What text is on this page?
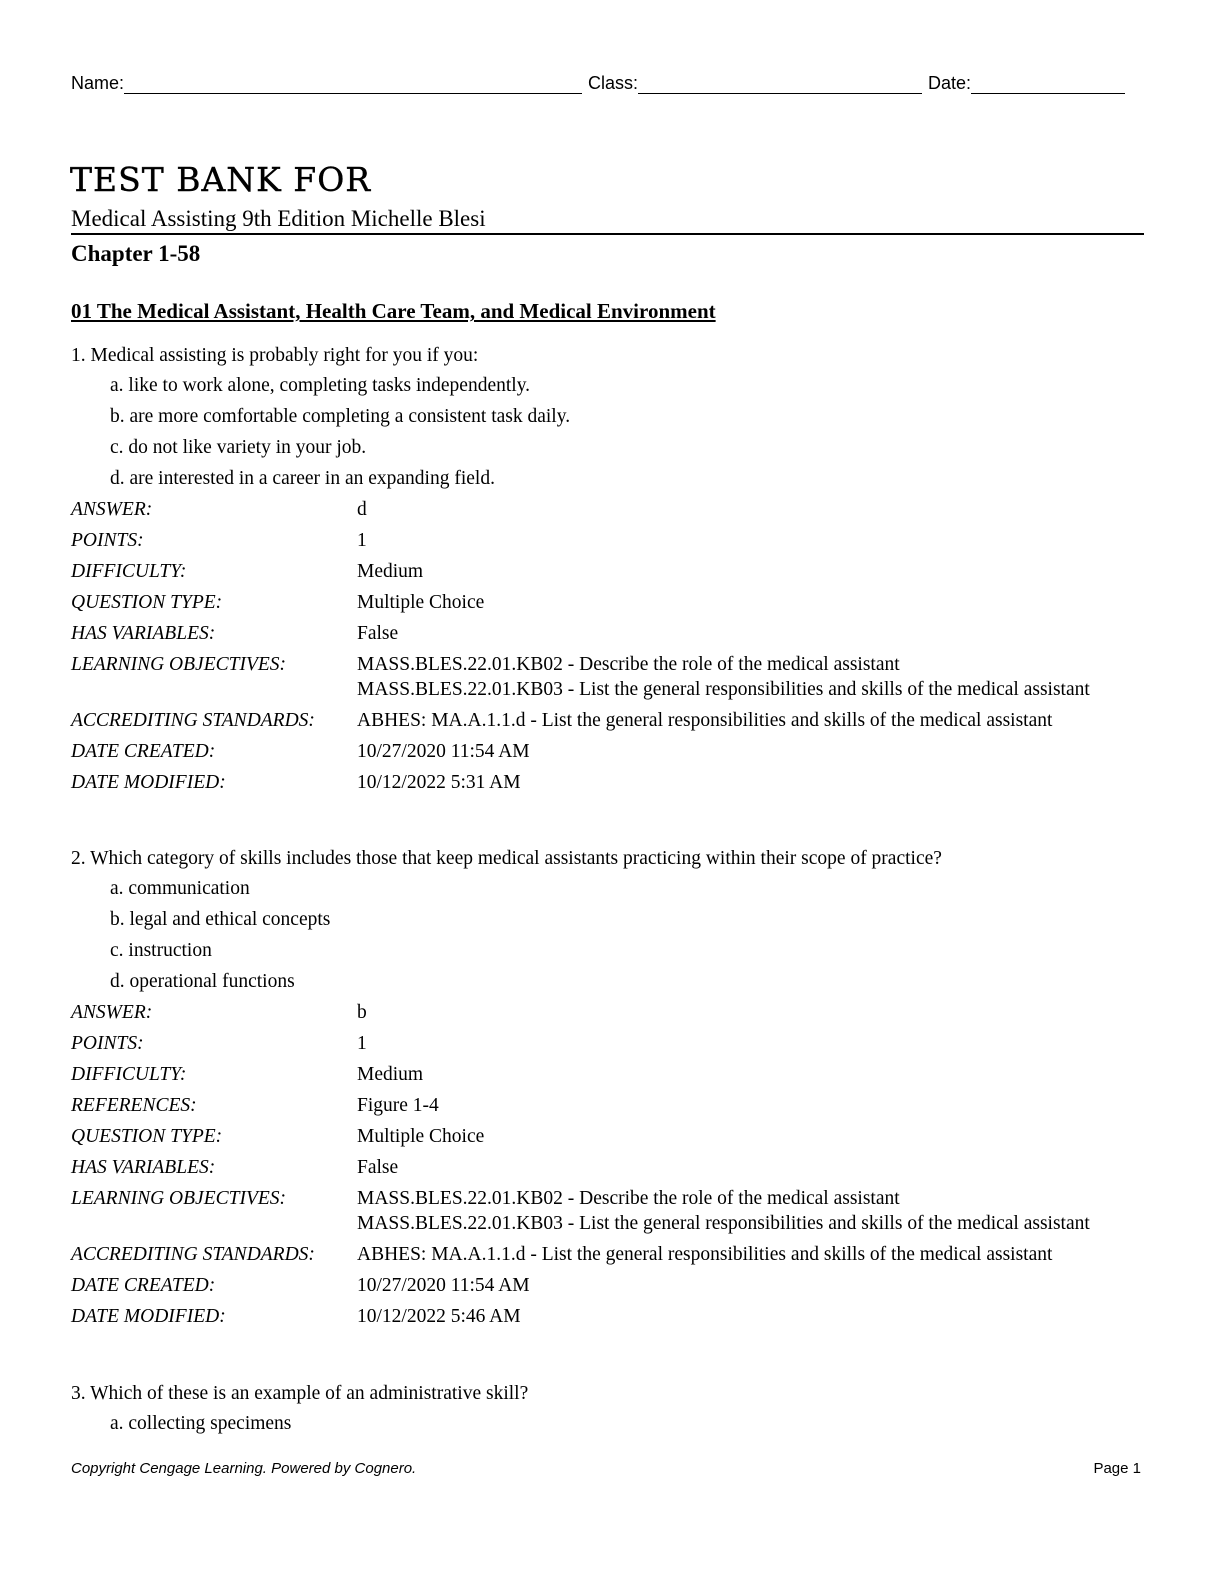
Name:	Class:	Date:
TEST BANK FOR
Medical Assisting 9th Edition Michelle Blesi
Chapter 1-58
01 The Medical Assistant, Health Care Team, and Medical Environment
1. Medical assisting is probably right for you if you:
a. like to work alone, completing tasks independently.
b. are more comfortable completing a consistent task daily.
c. do not like variety in your job.
d. are interested in a career in an expanding field.
ANSWER:	d
POINTS:	1
DIFFICULTY:	Medium
QUESTION TYPE:	Multiple Choice
HAS VARIABLES:	False
LEARNING OBJECTIVES:	MASS.BLES.22.01.KB02 - Describe the role of the medical assistant
MASS.BLES.22.01.KB03 - List the general responsibilities and skills of the medical assistant
ACCREDITING STANDARDS:	ABHES: MA.A.1.1.d - List the general responsibilities and skills of the medical assistant
DATE CREATED:	10/27/2020 11:54 AM
DATE MODIFIED:	10/12/2022 5:31 AM
2. Which category of skills includes those that keep medical assistants practicing within their scope of practice?
a. communication
b. legal and ethical concepts
c. instruction
d. operational functions
ANSWER:	b
POINTS:	1
DIFFICULTY:	Medium
REFERENCES:	Figure 1-4
QUESTION TYPE:	Multiple Choice
HAS VARIABLES:	False
LEARNING OBJECTIVES:	MASS.BLES.22.01.KB02 - Describe the role of the medical assistant
MASS.BLES.22.01.KB03 - List the general responsibilities and skills of the medical assistant
ACCREDITING STANDARDS:	ABHES: MA.A.1.1.d - List the general responsibilities and skills of the medical assistant
DATE CREATED:	10/27/2020 11:54 AM
DATE MODIFIED:	10/12/2022 5:46 AM
3. Which of these is an example of an administrative skill?
a. collecting specimens
Copyright Cengage Learning. Powered by Cognero.	Page 1
